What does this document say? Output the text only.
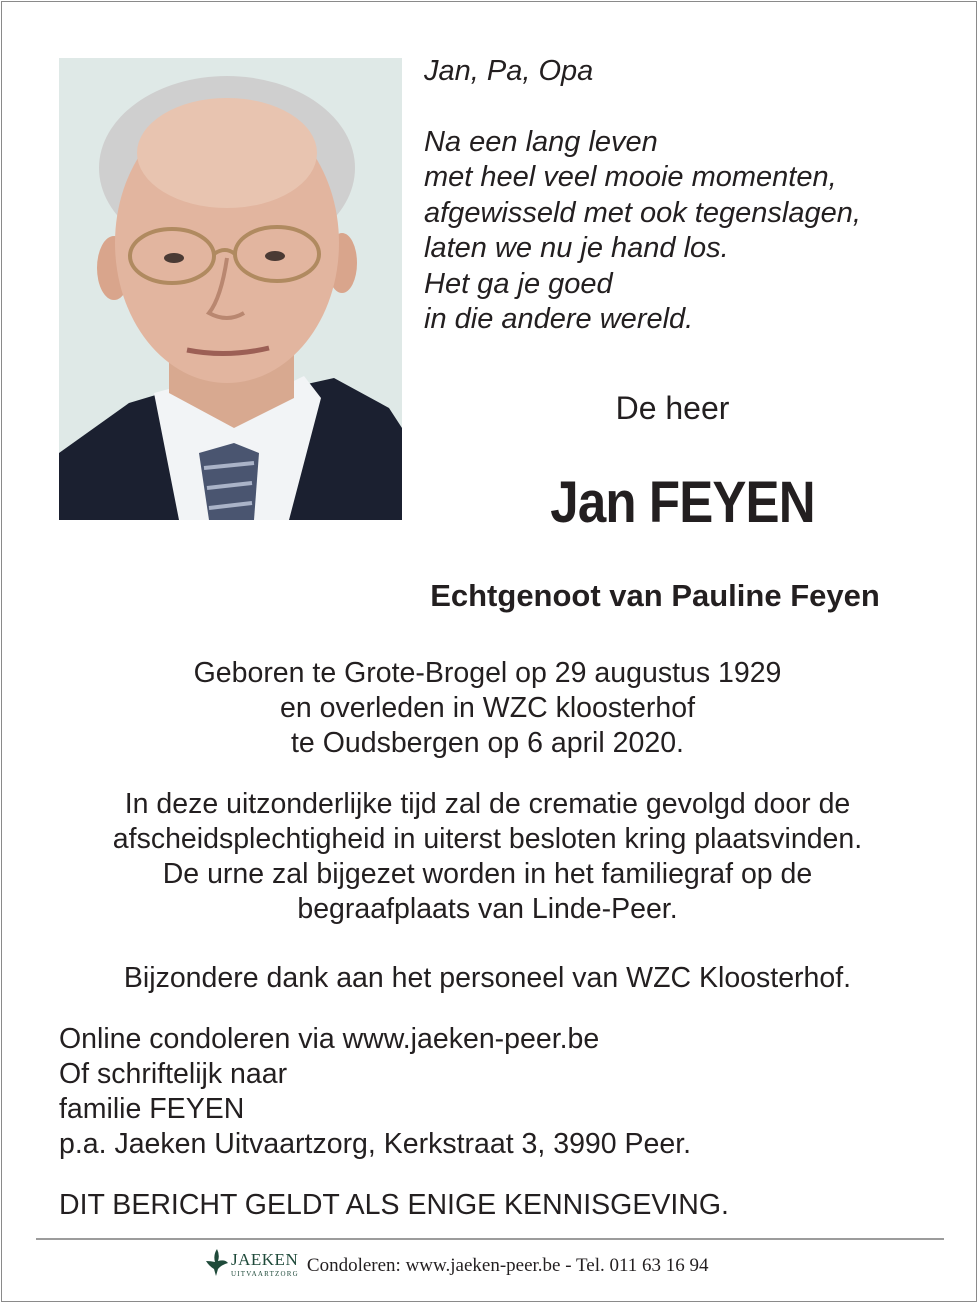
Jan, Pa, Opa
Na een lang leven
met heel veel mooie momenten,
afgewisseld met ook tegenslagen,
laten we nu je hand los.
Het ga je goed
in die andere wereld.
De heer
Jan FEYEN
Echtgenoot van Pauline Feyen
Geboren te Grote-Brogel op 29 augustus 1929
en overleden in WZC kloosterhof
te Oudsbergen op 6 april 2020.
In deze uitzonderlijke tijd zal de crematie gevolgd door de
afscheidsplechtigheid in uiterst besloten kring plaatsvinden.
De urne zal bijgezet worden in het familiegraf op de
begraafplaats van Linde-Peer.
Bijzondere dank aan het personeel van WZC Kloosterhof.
Online condoleren via www.jaeken-peer.be
Of schriftelijk naar
familie FEYEN
p.a. Jaeken Uitvaartzorg, Kerkstraat 3, 3990 Peer.
DIT BERICHT GELDT ALS ENIGE KENNISGEVING.
JAEKEN
UITVAARTZORG Condoleren: www.jaeken-peer.be - Tel. 011 63 16 94
